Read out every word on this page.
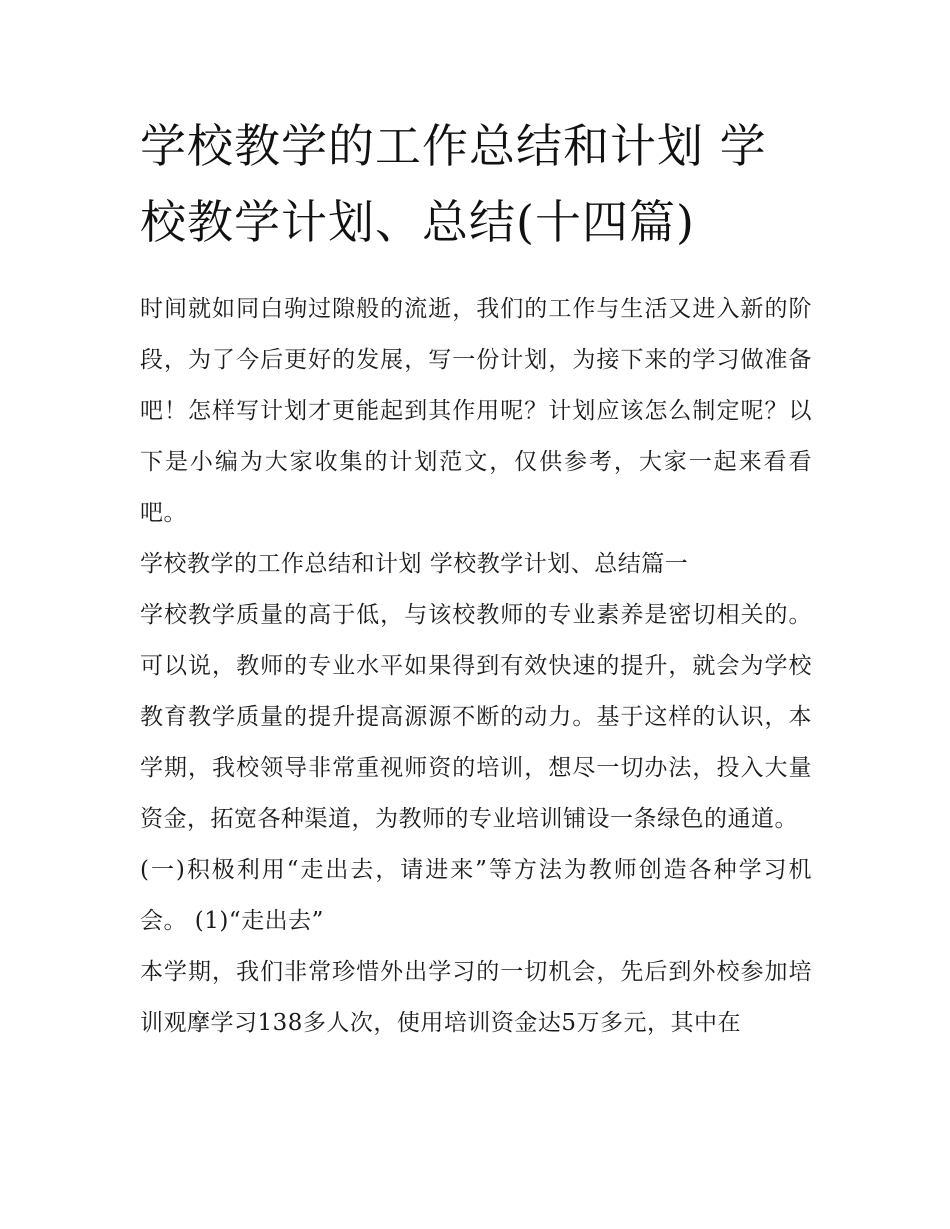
学校教学的工作总结和计划 学校教学计划、总结(十四篇)

时间就如同白驹过隙般的流逝，我们的工作与生活又进入新的阶段，为了今后更好的发展，写一份计划，为接下来的学习做准备吧！怎样写计划才更能起到其作用呢？计划应该怎么制定呢？以下是小编为大家收集的计划范文，仅供参考，大家一起来看看吧。

学校教学的工作总结和计划 学校教学计划、总结篇一

学校教学质量的高于低，与该校教师的专业素养是密切相关的。可以说，教师的专业水平如果得到有效快速的提升，就会为学校教育教学质量的提升提高源源不断的动力。基于这样的认识，本学期，我校领导非常重视师资的培训，想尽一切办法，投入大量资金，拓宽各种渠道，为教师的专业培训铺设一条绿色的通道。

(一)积极利用“走出去，请进来”等方法为教师创造各种学习机会。 (1)“走出去”

本学期，我们非常珍惜外出学习的一切机会，先后到外校参加培训观摩学习138多人次，使用培训资金达5万多元，其中在
